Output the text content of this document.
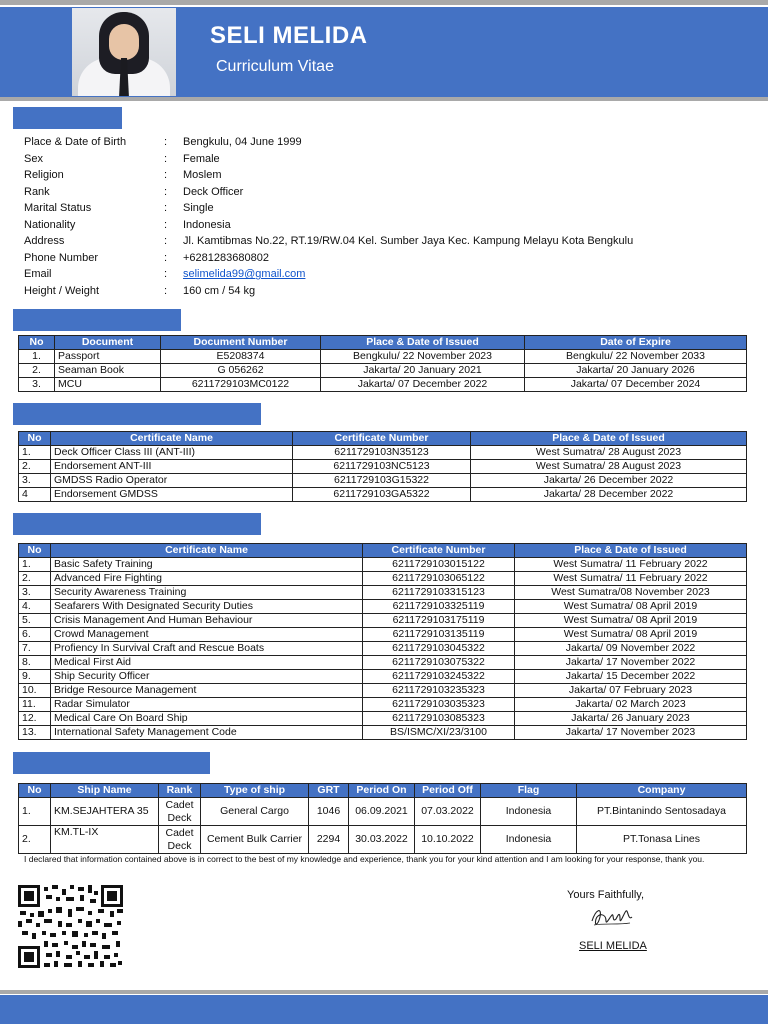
SELI MELIDA
Curriculum Vitae
Place & Date of Birth	:	Bengkulu, 04 June 1999
Sex	:	Female
Religion	:	Moslem
Rank	:	Deck Officer
Marital Status	:	Single
Nationality	:	Indonesia
Address	:	Jl. Kamtibmas No.22, RT.19/RW.04 Kel. Sumber Jaya Kec. Kampung Melayu Kota Bengkulu
Phone Number	:	+6281283680802
Email	:	selimelida99@gmail.com
Height / Weight	:	160 cm / 54 kg
No	Document	Document Number	Place & Date of Issued	Date of Expire
1.	Passport	E5208374	Bengkulu/ 22 November 2023	Bengkulu/ 22 November 2033
2.	Seaman Book	G 056262	Jakarta/ 20 January 2021	Jakarta/ 20 January 2026
3.	MCU	6211729103MC0122	Jakarta/ 07 December 2022	Jakarta/ 07 December 2024
No	Certificate Name	Certificate Number	Place & Date of Issued
1.	Deck Officer Class III (ANT-III)	6211729103N35123	West Sumatra/ 28 August 2023
2.	Endorsement ANT-III	6211729103NC5123	West Sumatra/ 28 August 2023
3.	GMDSS Radio Operator	6211729103G15322	Jakarta/ 26 December 2022
4	Endorsement GMDSS	6211729103GA5322	Jakarta/ 28 December 2022
No	Certificate Name	Certificate Number	Place & Date of Issued
1.	Basic Safety Training	6211729103015122	West Sumatra/ 11 February 2022
2.	Advanced Fire Fighting	6211729103065122	West Sumatra/ 11 February 2022
3.	Security Awareness Training	6211729103315123	West Sumatra/08 November 2023
4.	Seafarers With Designated Security Duties	6211729103325119	West Sumatra/ 08 April 2019
5.	Crisis Management And Human Behaviour	6211729103175119	West Sumatra/ 08 April 2019
6.	Crowd Management	6211729103135119	West Sumatra/ 08 April 2019
7.	Profiency In Survival Craft and Rescue Boats	6211729103045322	Jakarta/ 09 November 2022
8.	Medical First Aid	6211729103075322	Jakarta/ 17 November 2022
9.	Ship Security Officer	6211729103245322	Jakarta/ 15 December 2022
10.	Bridge Resource Management	6211729103235323	Jakarta/ 07 February 2023
11.	Radar Simulator	6211729103035323	Jakarta/ 02 March 2023
12.	Medical Care On Board Ship	6211729103085323	Jakarta/ 26 January 2023
13.	International Safety Management Code	BS/ISMC/XI/23/3100	Jakarta/ 17 November 2023
No	Ship Name	Rank	Type of ship	GRT	Period On	Period Off	Flag	Company
1.	KM.SEJAHTERA 35	Cadet Deck	General Cargo	1046	06.09.2021	07.03.2022	Indonesia	PT.Bintanindo Sentosadaya
2.	KM.TL-IX	Cadet Deck	Cement Bulk Carrier	2294	30.03.2022	10.10.2022	Indonesia	PT.Tonasa Lines
I declared that information contained above is in correct to the best of my knowledge and experience, thank you for your kind attention and I am looking for your response, thank you.
Yours Faithfully,
SELI MELIDA
